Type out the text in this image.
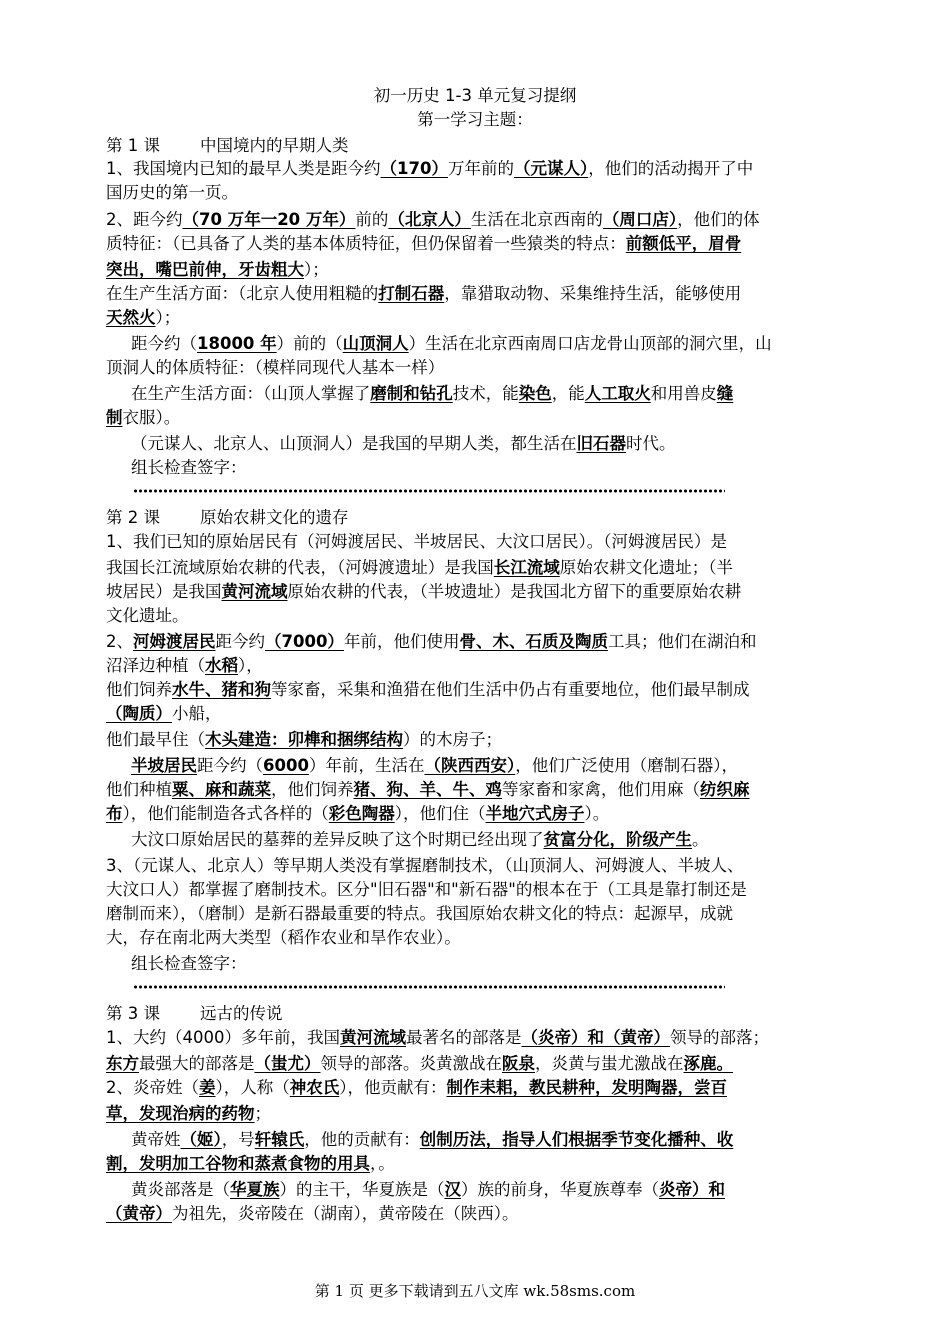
初一历史 1-3 单元复习提纲
第一学习主题：
第 1 课 中国境内的早期人类
1、我国境内已知的最早人类是距今约（170）万年前的（元谋人），他们的活动揭开了中
国历史的第一页。
2、距今约（70 万年一20 万年）前的（北京人）生活在北京西南的（周口店），他们的体
质特征：（已具备了人类的基本体质特征，但仍保留着一些猿类的特点：前额低平，眉骨
突出，嘴巴前伸，牙齿粗大）；
在生产生活方面：（北京人使用粗糙的打制石器，靠猎取动物、采集维持生活，能够使用
天然火）；
距今约（18000 年）前的（山顶洞人）生活在北京西南周口店龙骨山顶部的洞穴里，山
顶洞人的体质特征：（模样同现代人基本一样）
在生产生活方面：（山顶人掌握了磨制和钻孔技术，能染色，能人工取火和用兽皮缝
制衣服）。
（元谋人、北京人、山顶洞人）是我国的早期人类，都生活在旧石器时代。
组长检查签字：
第 2 课 原始农耕文化的遗存
1、我们已知的原始居民有（河姆渡居民、半坡居民、大汶口居民）。（河姆渡居民）是
我国长江流域原始农耕的代表，（河姆渡遗址）是我国长江流域原始农耕文化遗址；（半
坡居民）是我国黄河流域原始农耕的代表，（半坡遗址）是我国北方留下的重要原始农耕
文化遗址。
2、河姆渡居民距今约（7000）年前，他们使用骨、木、石质及陶质工具；他们在湖泊和
沼泽边种植（水稻），
他们饲养水牛、猪和狗等家畜，采集和渔猎在他们生活中仍占有重要地位，他们最早制成
（陶质）小船，
他们最早住（木头建造：卯榫和捆绑结构）的木房子；
半坡居民距今约（6000）年前，生活在（陕西西安），他们广泛使用（磨制石器），
他们种植粟、麻和蔬菜，他们饲养猪、狗、羊、牛、鸡等家畜和家禽，他们用麻（纺织麻
布），他们能制造各式各样的（彩色陶器），他们住（半地穴式房子）。
大汶口原始居民的墓葬的差异反映了这个时期已经出现了贫富分化，阶级产生。
3、（元谋人、北京人）等早期人类没有掌握磨制技术，（山顶洞人、河姆渡人、半坡人、
大汶口人）都掌握了磨制技术。区分"旧石器"和"新石器"的根本在于（工具是靠打制还是
磨制而来），（磨制）是新石器最重要的特点。我国原始农耕文化的特点：起源早，成就
大，存在南北两大类型（稻作农业和旱作农业）。
组长检查签字：
第 3 课 远古的传说
1、大约（4000）多年前，我国黄河流域最著名的部落是（炎帝）和（黄帝）领导的部落；
东方最强大的部落是（蚩尤）领导的部落。炎黄激战在阪泉，炎黄与蚩尤激战在涿鹿。
2、炎帝姓（姜），人称（神农氏），他贡献有：制作耒耜，教民耕种，发明陶器，尝百
草，发现治病的药物；
黄帝姓（姬），号轩辕氏，他的贡献有：创制历法，指导人们根据季节变化播种、收
割，发明加工谷物和蒸煮食物的用具，。
黄炎部落是（华夏族）的主干，华夏族是（汉）族的前身，华夏族尊奉（炎帝）和
（黄帝）为祖先，炎帝陵在（湖南），黄帝陵在（陕西）。
第 1 页 更多下载请到五八文库 wk.58sms.com
